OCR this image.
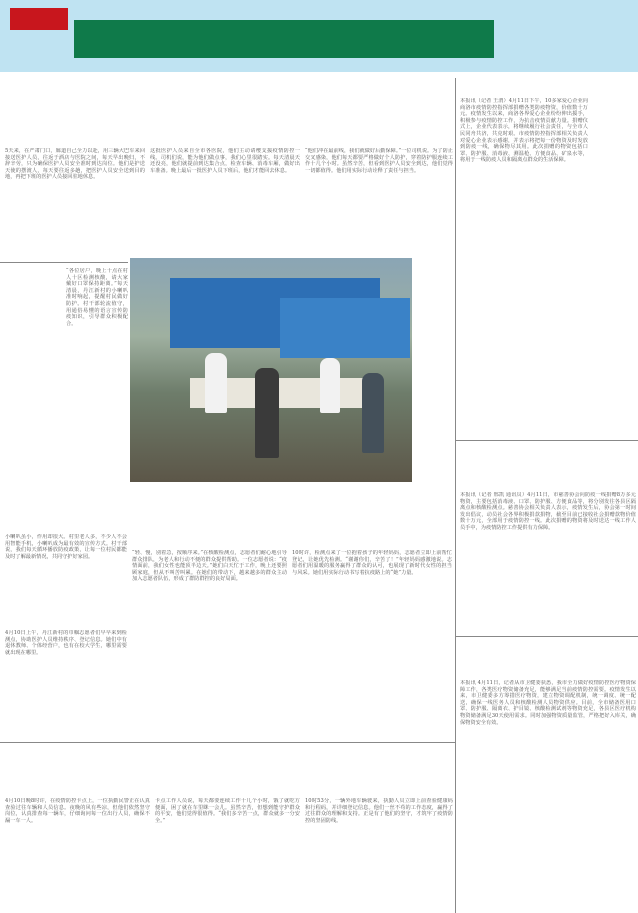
本报讯（记者 王渭）4月11日下午，10多家爱心企业向商洛市疫情防控指挥部捐赠各类防疫物资，价值数十万元。疫情发生以来，商洛各界爱心企业纷纷伸出援手，积极参与疫情防控工作，为抗击疫情贡献力量。捐赠仪式上，企业代表表示，将继续履行社会责任，与全市人民同舟共济，共克时艰。市疫情防控指挥部相关负责人对爱心企业表示感谢，并表示将把每一份物资及时发放到防疫一线，确保物尽其用。此次捐赠的物资包括口罩、防护服、消毒液、测温枪、方便食品、矿泉水等，将用于一线防疫人员和隔离点群众的生活保障。
本报讯（记者 邢凯 通讯员）4月11日，市慈善协会向防疫一线捐赠8万多元物资，主要包括消毒液、口罩、防护服、方便食品等，将分别发往各县区隔离点和核酸检测点。慈善协会相关负责人表示，疫情发生后，协会第一时间发出倡议，动员社会各界积极捐款捐物，截至目前已接收社会捐赠款物价值数十万元，全部用于疫情防控一线。此次捐赠的物资将及时送达一线工作人员手中，为疫情防控工作提供有力保障。
本报讯 4月11日，记者从市卫健委获悉，我市全力做好疫情防控医疗物资保障工作，各类医疗物资储备充足，能够满足当前疫情防控需要。疫情发生以来，市卫健委多方筹措医疗物资，建立物资调配机制，统一调度、统一配送，确保一线医务人员和核酸检测人员物资供应。目前，全市储备医用口罩、防护服、隔离衣、护目镜、核酸检测试剂等物资充足，各县区医疗机构物资储备满足30天使用需求。同时加强物资质量监管，严格把好入库关，确保物资安全有效。
5天来，在严肃门口，廊道自己全力以赴，用三辆大巴车来回接送医护人员，往返于酒店与医院之间，每天早出晚归，不辞辛劳，只为确保医护人员安全准时到达岗位。他们是护送天使的摆渡人，每天要往返多趟，把医护人员安全送到目的地，再把下班的医护人员接回驻地休息。
这批医护人员来自全市各医院，他们主动请缨支援疫情防控一线。司机们说，能为他们做点事，我们心里很踏实。每天清晨天还没亮，他们就提前到达集合点，检查车辆、消毒车厢，做好出车准备。晚上最后一批医护人员下班后，他们才能回去休息。
“他们冲在最前线，我们就做好后勤保障。”一位司机说。为了防止交叉感染，他们每天都要严格做好个人防护，穿着防护服连续工作十几个小时。虽然辛苦，但看到医护人员安全到达，他们觉得一切都值得。他们用实际行动诠释了责任与担当。
“各位居户，晚上十点在村人十区检测核酸，请大家戴好口罩保持距离。”每天清晨，丹江新村的小喇叭准时响起，提醒村民做好防护。村干部轮流值守，用通俗易懂的语言宣传防疫知识，引导群众积极配合。
小喇叭虽小，作用却很大。村里老人多，不少人不会用智能手机，小喇叭成为最有效的宣传方式。村干部说，我们每天循环播放防疫政策，让每一位村民都能及时了解最新情况，共同守护好家园。
4月10日上午，丹江新村的巾帼志愿者们早早来到检测点，协助医护人员维持秩序、登记信息。她们中有退休教师、个体经营户，也有在校大学生，哪里需要就出现在哪里。
“轻、慢，别着急，按顺序来。”在核酸检测点，志愿者们耐心地引导群众排队，为老人和行动不便的群众提供帮助。一位志愿者说：“疫情面前，我们女性也能顶半边天。”她们白天忙于工作，晚上还要照顾家庭，但从不叫苦叫累。在她们的带动下，越来越多的群众主动加入志愿者队伍，形成了群防群控的良好局面。
10时许，检测点来了一位抱着孩子的年轻妈妈，志愿者立即上前帮忙登记，让她优先检测。“谢谢你们，辛苦了！”年轻妈妈感激地说。志愿者们用温暖的服务赢得了群众的认可，也展现了新时代女性的担当与风采。她们用实际行动书写着抗疫路上的“她”力量。
4月10日晚8时许，在疫情防控卡点上，一位执勤民警正在认真查验过往车辆和人员信息。夜晚的风有些凉，但他们依然坚守岗位，认真排查每一辆车，仔细询问每一位出行人员，确保不漏一车一人。
卡点工作人员说，每天都要连续工作十几个小时，饿了就吃方便面，困了就在车里眯一会儿。虽然辛苦，但想到能守护群众的平安，他们觉得很值得。“我们多辛苦一点，群众就多一分安全。”
10时53分，一辆外地车辆驶来，执勤人员立即上前查验健康码和行程码，并详细登记信息。他们一丝不苟的工作态度，赢得了过往群众的理解和支持。正是有了他们的坚守，才筑牢了疫情防控的坚固防线。
